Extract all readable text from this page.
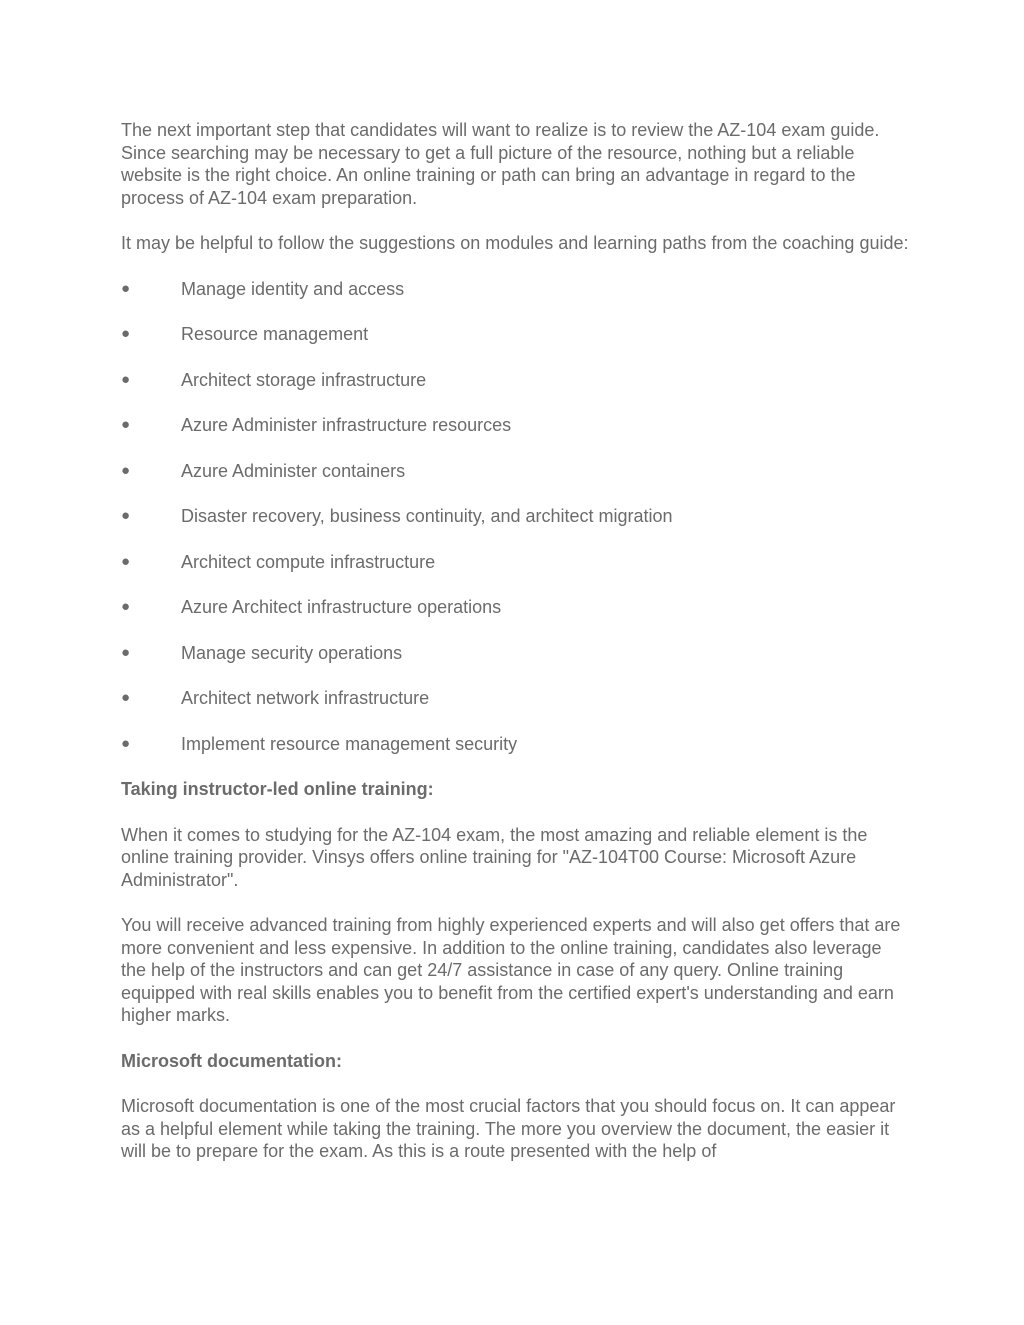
The next important step that candidates will want to realize is to review the AZ-104 exam guide. Since searching may be necessary to get a full picture of the resource, nothing but a reliable website is the right choice. An online training or path can bring an advantage in regard to the process of AZ-104 exam preparation.

It may be helpful to follow the suggestions on modules and learning paths from the coaching guide:

●	Manage identity and access
●	Resource management
●	Architect storage infrastructure
●	Azure Administer infrastructure resources
●	Azure Administer containers
●	Disaster recovery, business continuity, and architect migration
●	Architect compute infrastructure
●	Azure Architect infrastructure operations
●	Manage security operations
●	Architect network infrastructure
●	Implement resource management security

Taking instructor-led online training:

When it comes to studying for the AZ-104 exam, the most amazing and reliable element is the online training provider. Vinsys offers online training for "AZ-104T00 Course: Microsoft Azure Administrator".

You will receive advanced training from highly experienced experts and will also get offers that are more convenient and less expensive. In addition to the online training, candidates also leverage the help of the instructors and can get 24/7 assistance in case of any query. Online training equipped with real skills enables you to benefit from the certified expert's understanding and earn higher marks.

Microsoft documentation:

Microsoft documentation is one of the most crucial factors that you should focus on. It can appear as a helpful element while taking the training. The more you overview the document, the easier it will be to prepare for the exam. As this is a route presented with the help of
